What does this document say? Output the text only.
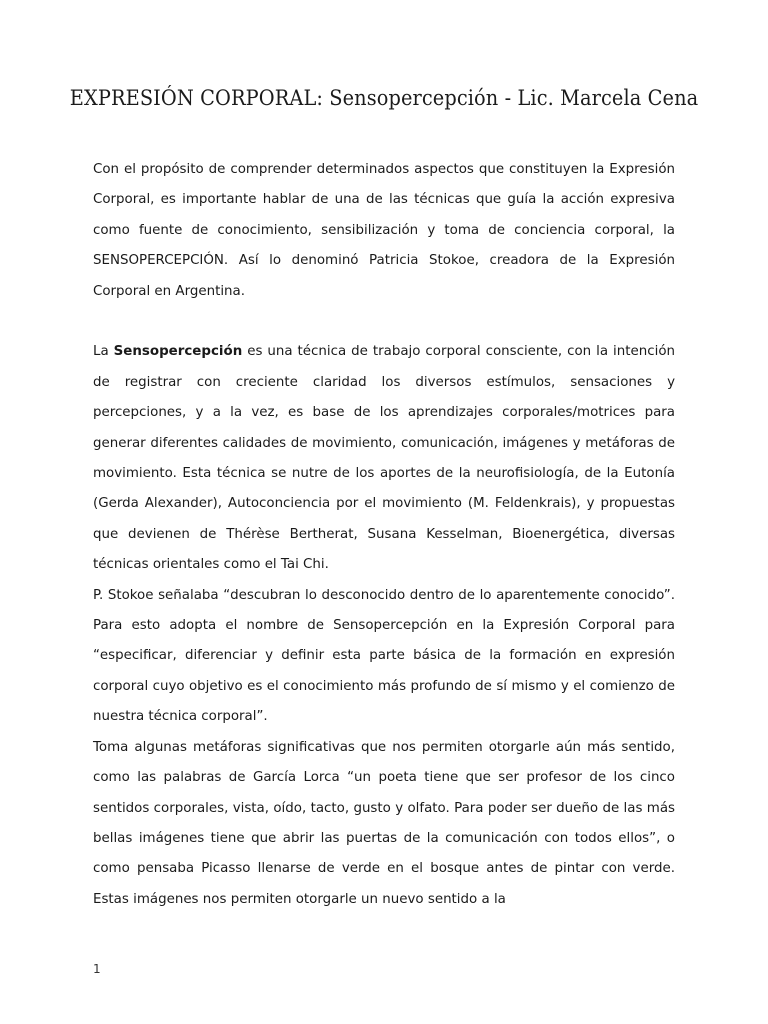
EXPRESIÓN CORPORAL: Sensopercepción - Lic. Marcela Cena

Con el propósito de comprender determinados aspectos que constituyen la Expresión Corporal, es importante hablar de una de las técnicas que guía la acción expresiva como fuente de conocimiento, sensibilización y toma de conciencia corporal, la SENSOPERCEPCIÓN. Así lo denominó Patricia Stokoe, creadora de la Expresión Corporal en Argentina.

La Sensopercepción es una técnica de trabajo corporal consciente, con la intención de registrar con creciente claridad los diversos estímulos, sensaciones y percepciones, y a la vez, es base de los aprendizajes corporales/motrices para generar diferentes calidades de movimiento, comunicación, imágenes y metáforas de movimiento. Esta técnica se nutre de los aportes de la neurofisiología, de la Eutonía (Gerda Alexander), Autoconciencia por el movimiento (M. Feldenkrais), y propuestas que devienen de Thérèse Bertherat, Susana Kesselman, Bioenergética, diversas técnicas orientales como el Tai Chi.

P. Stokoe señalaba “descubran lo desconocido dentro de lo aparentemente conocido”. Para esto adopta el nombre de Sensopercepción en la Expresión Corporal para “especificar, diferenciar y definir esta parte básica de la formación en expresión corporal cuyo objetivo es el conocimiento más profundo de sí mismo y el comienzo de nuestra técnica corporal”.

Toma algunas metáforas significativas que nos permiten otorgarle aún más sentido, como las palabras de García Lorca “un poeta tiene que ser profesor de los cinco sentidos corporales, vista, oído, tacto, gusto y olfato. Para poder ser dueño de las más bellas imágenes tiene que abrir las puertas de la comunicación con todos ellos”, o como pensaba Picasso llenarse de verde en el bosque antes de pintar con verde. Estas imágenes nos permiten otorgarle un nuevo sentido a la

1
